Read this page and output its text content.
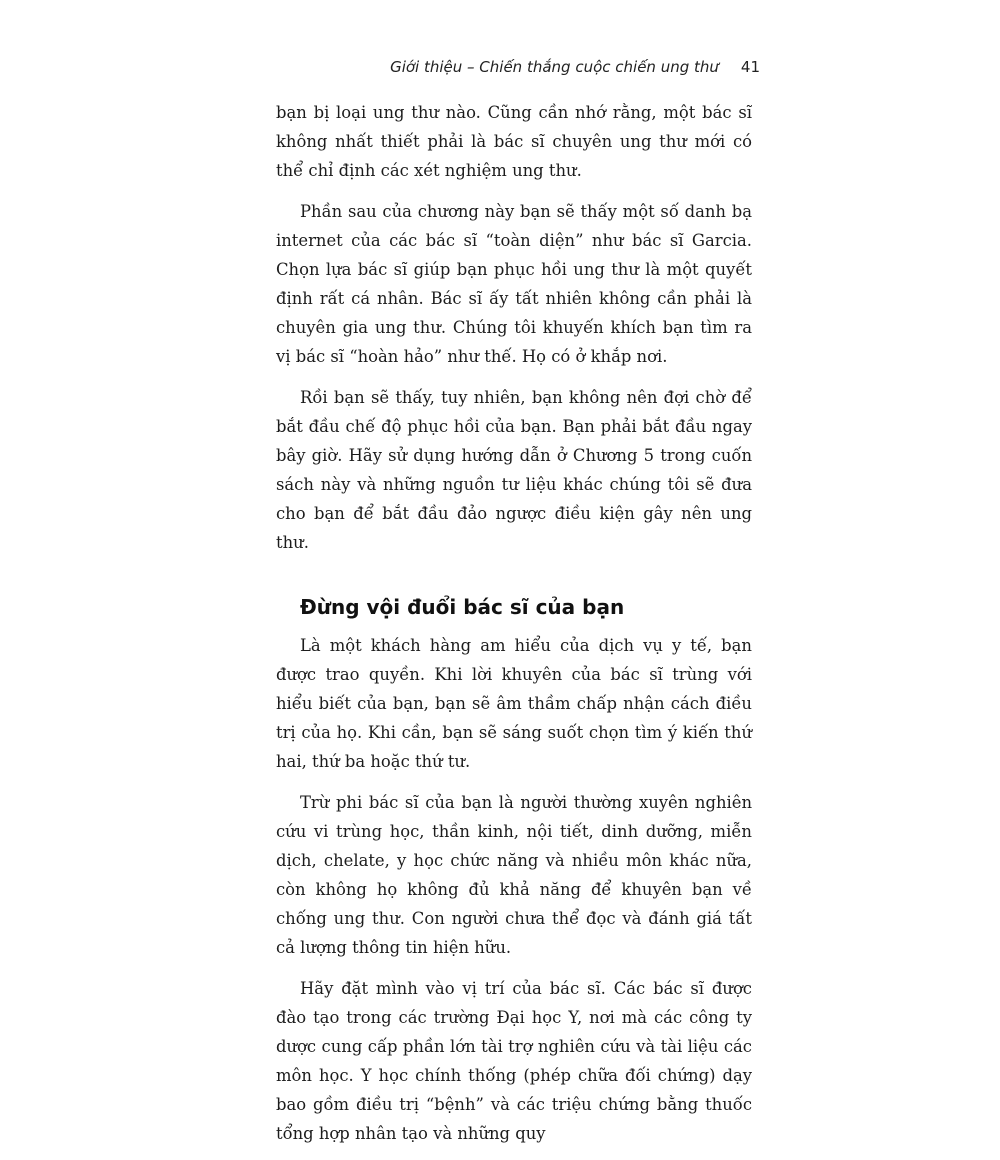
Giới thiệu – Chiến thắng cuộc chiến ung thư 41

bạn bị loại ung thư nào. Cũng cần nhớ rằng, một bác sĩ không nhất thiết phải là bác sĩ chuyên ung thư mới có thể chỉ định các xét nghiệm ung thư.

Phần sau của chương này bạn sẽ thấy một số danh bạ internet của các bác sĩ “toàn diện” như bác sĩ Garcia. Chọn lựa bác sĩ giúp bạn phục hồi ung thư là một quyết định rất cá nhân. Bác sĩ ấy tất nhiên không cần phải là chuyên gia ung thư. Chúng tôi khuyến khích bạn tìm ra vị bác sĩ “hoàn hảo” như thế. Họ có ở khắp nơi.

Rồi bạn sẽ thấy, tuy nhiên, bạn không nên đợi chờ để bắt đầu chế độ phục hồi của bạn. Bạn phải bắt đầu ngay bây giờ. Hãy sử dụng hướng dẫn ở Chương 5 trong cuốn sách này và những nguồn tư liệu khác chúng tôi sẽ đưa cho bạn để bắt đầu đảo ngược điều kiện gây nên ung thư.

Đừng vội đuổi bác sĩ của bạn

Là một khách hàng am hiểu của dịch vụ y tế, bạn được trao quyền. Khi lời khuyên của bác sĩ trùng với hiểu biết của bạn, bạn sẽ âm thầm chấp nhận cách điều trị của họ. Khi cần, bạn sẽ sáng suốt chọn tìm ý kiến thứ hai, thứ ba hoặc thứ tư.

Trừ phi bác sĩ của bạn là người thường xuyên nghiên cứu vi trùng học, thần kinh, nội tiết, dinh dưỡng, miễn dịch, chelate, y học chức năng và nhiều môn khác nữa, còn không họ không đủ khả năng để khuyên bạn về chống ung thư. Con người chưa thể đọc và đánh giá tất cả lượng thông tin hiện hữu.

Hãy đặt mình vào vị trí của bác sĩ. Các bác sĩ được đào tạo trong các trường Đại học Y, nơi mà các công ty dược cung cấp phần lớn tài trợ nghiên cứu và tài liệu các môn học. Y học chính thống (phép chữa đối chứng) dạy bao gồm điều trị “bệnh” và các triệu chứng bằng thuốc tổng hợp nhân tạo và những quy
